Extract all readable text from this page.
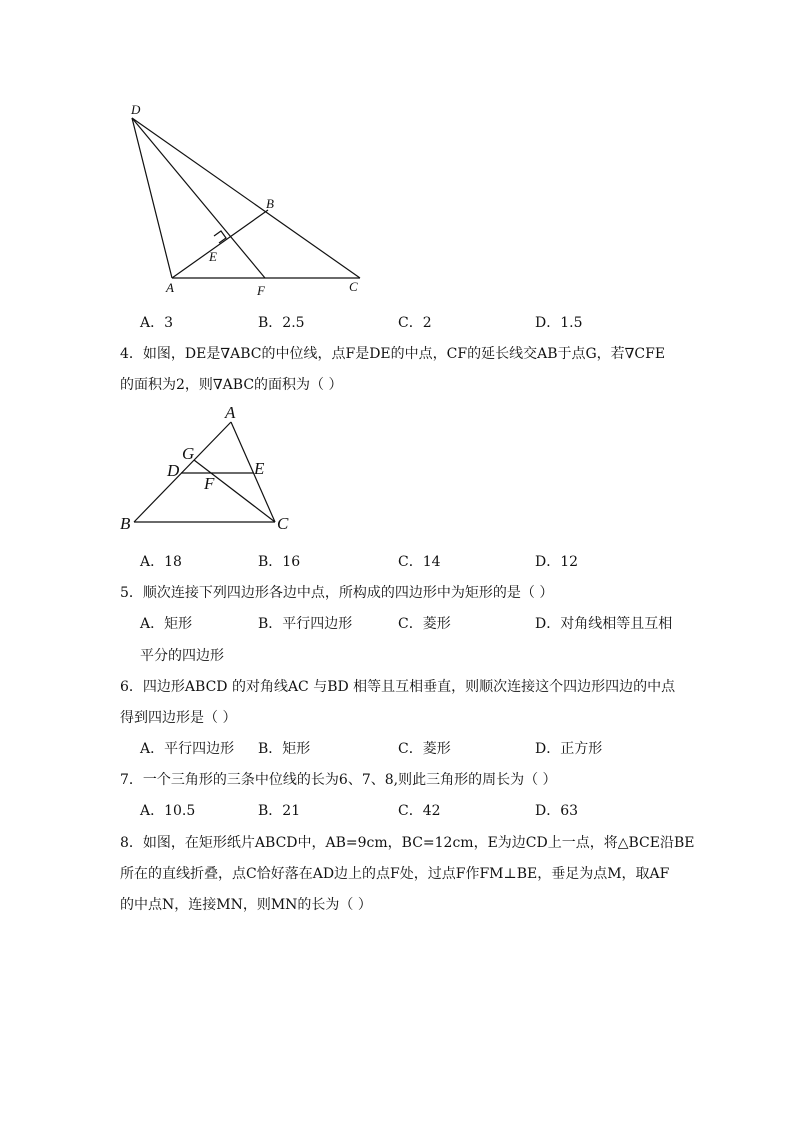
D
B
E
A	F	C
A．3	B．2.5	C．2	D．1.5
4．如图，DE是∇ABC的中位线，点F是DE的中点，CF的延长线交AB于点G，若∇CFE
的面积为2，则∇ABC的面积为（ ）
A
G
D	E
F
B	C
A．18	B．16	C．14	D．12
5．顺次连接下列四边形各边中点，所构成的四边形中为矩形的是（ ）
A．矩形	B．平行四边形	C．菱形	D．对角线相等且互相
平分的四边形
6．四边形ABCD 的对角线AC 与BD 相等且互相垂直，则顺次连接这个四边形四边的中点
得到四边形是（ ）
A．平行四边形 B．矩形	C．菱形	D．正方形
7．一个三角形的三条中位线的长为6、7、8,则此三角形的周长为（ ）
A．10.5	B．21	C．42	D．63
8．如图，在矩形纸片ABCD中，AB=9cm，BC=12cm，E为边CD上一点，将△BCE沿BE
所在的直线折叠，点C恰好落在AD边上的点F处，过点F作FM⊥BE，垂足为点M，取AF
的中点N，连接MN，则MN的长为（ ）
